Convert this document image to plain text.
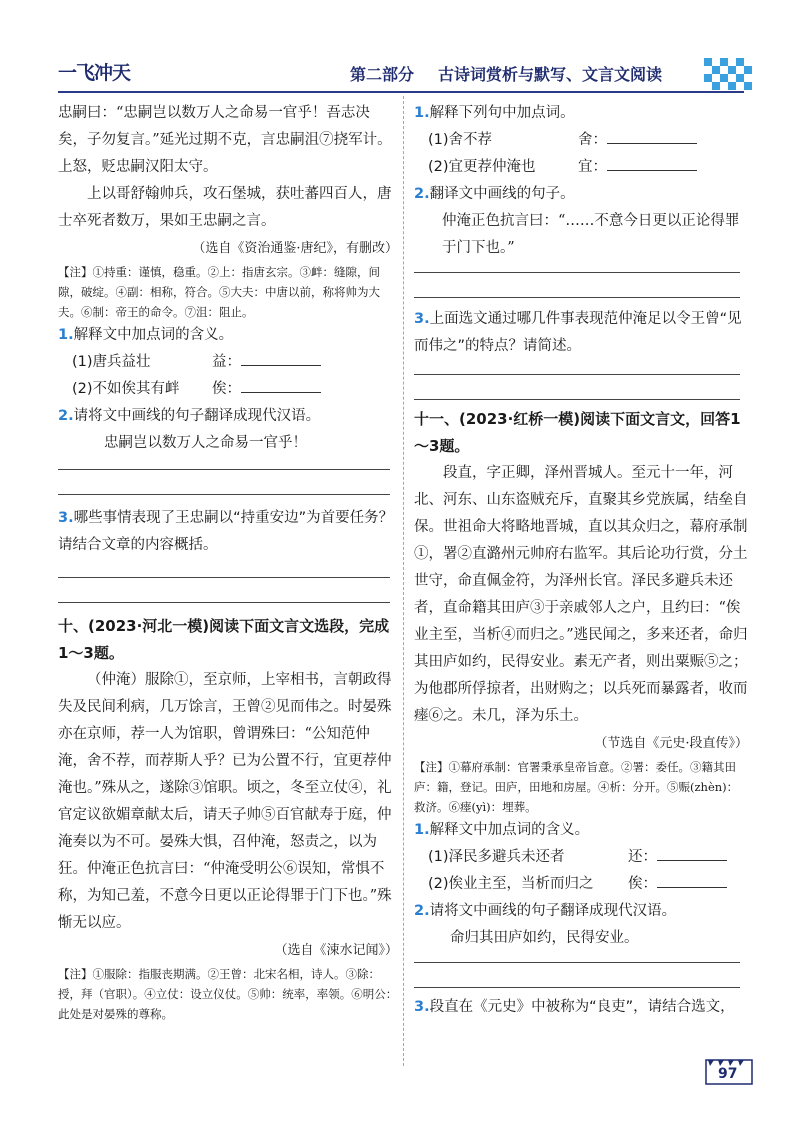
一飞冲天	第二部分 古诗词赏析与默写、文言文阅读

忠嗣曰：“忠嗣岂以数万人之命易一官乎！吾志决矣，子勿复言。”延光过期不克，言忠嗣沮⑦挠军计。上怒，贬忠嗣汉阳太守。

上以哥舒翰帅兵，攻石堡城，获吐蕃四百人，唐士卒死者数万，果如王忠嗣之言。

（选自《资治通鉴·唐纪》，有删改）

【注】①持重：谨慎，稳重。②上：指唐玄宗。③衅：缝隙，间隙，破绽。④副：相称，符合。⑤大夫：中唐以前，称将帅为大夫。⑥制：帝王的命令。⑦沮：阻止。

1.解释文中加点词的含义。

(1)唐兵益壮	益：

(2)不如俟其有衅 俟：

2.请将文中画线的句子翻译成现代汉语。

忠嗣岂以数万人之命易一官乎！

3.哪些事情表现了王忠嗣以“持重安边”为首要任务？请结合文章的内容概括。

十、(2023·河北一模)阅读下面文言文选段，完成1～3题。

（仲淹）服除①，至京师，上宰相书，言朝政得失及民间利病，几万馀言，王曾②见而伟之。时晏殊亦在京师，荐一人为馆职，曾谓殊曰：“公知范仲淹，舍不荐，而荐斯人乎？已为公置不行，宜更荐仲淹也。”殊从之，遂除③馆职。顷之，冬至立仗④，礼官定议欲媚章献太后，请天子帅⑤百官献寿于庭，仲淹奏以为不可。晏殊大惧，召仲淹，怒责之，以为狂。仲淹正色抗言曰：“仲淹受明公⑥误知，常惧不称，为知己羞，不意今日更以正论得罪于门下也。”殊惭无以应。

（选自《涑水记闻》）

【注】①服除：指服丧期满。②王曾：北宋名相，诗人。③除：授，拜（官职）。④立仗：设立仪仗。⑤帅：统率，率领。⑥明公：此处是对晏殊的尊称。

1.解释下列句中加点词。

(1)舍不荐	舍：

(2)宜更荐仲淹也	宜：

2.翻译文中画线的句子。

仲淹正色抗言曰：“……不意今日更以正论得罪于门下也。”

3.上面选文通过哪几件事表现范仲淹足以令王曾“见而伟之”的特点？请简述。

十一、(2023·红桥一模)阅读下面文言文，回答1～3题。

段直，字正卿，泽州晋城人。至元十一年，河北、河东、山东盗贼充斥，直聚其乡党族属，结垒自保。世祖命大将略地晋城，直以其众归之，幕府承制①，署②直潞州元帅府右监军。其后论功行赏，分土世守，命直佩金符，为泽州长官。泽民多避兵未还者，直命籍其田庐③于亲戚邻人之户，且约曰：“俟业主至，当析④而归之。”逃民闻之，多来还者，命归其田庐如约，民得安业。素无产者，则出粟赈⑤之；为他郡所俘掠者，出财购之；以兵死而暴露者，收而瘗⑥之。未几，泽为乐土。

（节选自《元史·段直传》）

【注】①幕府承制：官署秉承皇帝旨意。②署：委任。③籍其田庐：籍，登记。田庐，田地和房屋。④析：分开。⑤赈(zhèn)：救济。⑥瘗(yì)：埋葬。

1.解释文中加点词的含义。

(1)泽民多避兵未还者	还：

(2)俟业主至，当析而归之 俟：

2.请将文中画线的句子翻译成现代汉语。

命归其田庐如约，民得安业。

3.段直在《元史》中被称为“良吏”，请结合选文，

97
